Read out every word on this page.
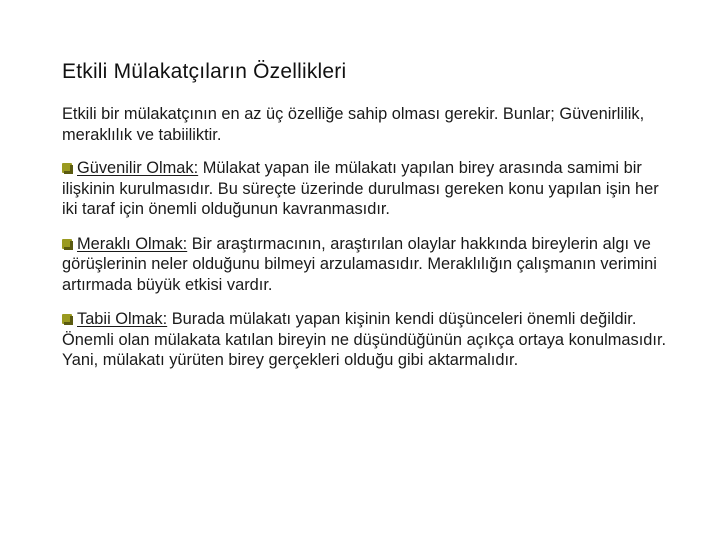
Etkili Mülakatçıların Özellikleri

Etkili bir mülakatçının en az üç özelliğe sahip olması gerekir. Bunlar; Güvenirlilik, meraklılık ve tabiiliktir.

Güvenilir Olmak: Mülakat yapan ile mülakatı yapılan birey arasında samimi bir ilişkinin kurulmasıdır. Bu süreçte üzerinde durulması gereken konu yapılan işin her iki taraf için önemli olduğunun kavranmasıdır.

Meraklı Olmak: Bir araştırmacının, araştırılan olaylar hakkında bireylerin algı ve görüşlerinin neler olduğunu bilmeyi arzulamasıdır. Meraklılığın çalışmanın verimini artırmada büyük etkisi vardır.

Tabii Olmak: Burada mülakatı yapan kişinin kendi düşünceleri önemli değildir. Önemli olan mülakata katılan bireyin ne düşündüğünün açıkça ortaya konulmasıdır. Yani, mülakatı yürüten birey gerçekleri olduğu gibi aktarmalıdır.
